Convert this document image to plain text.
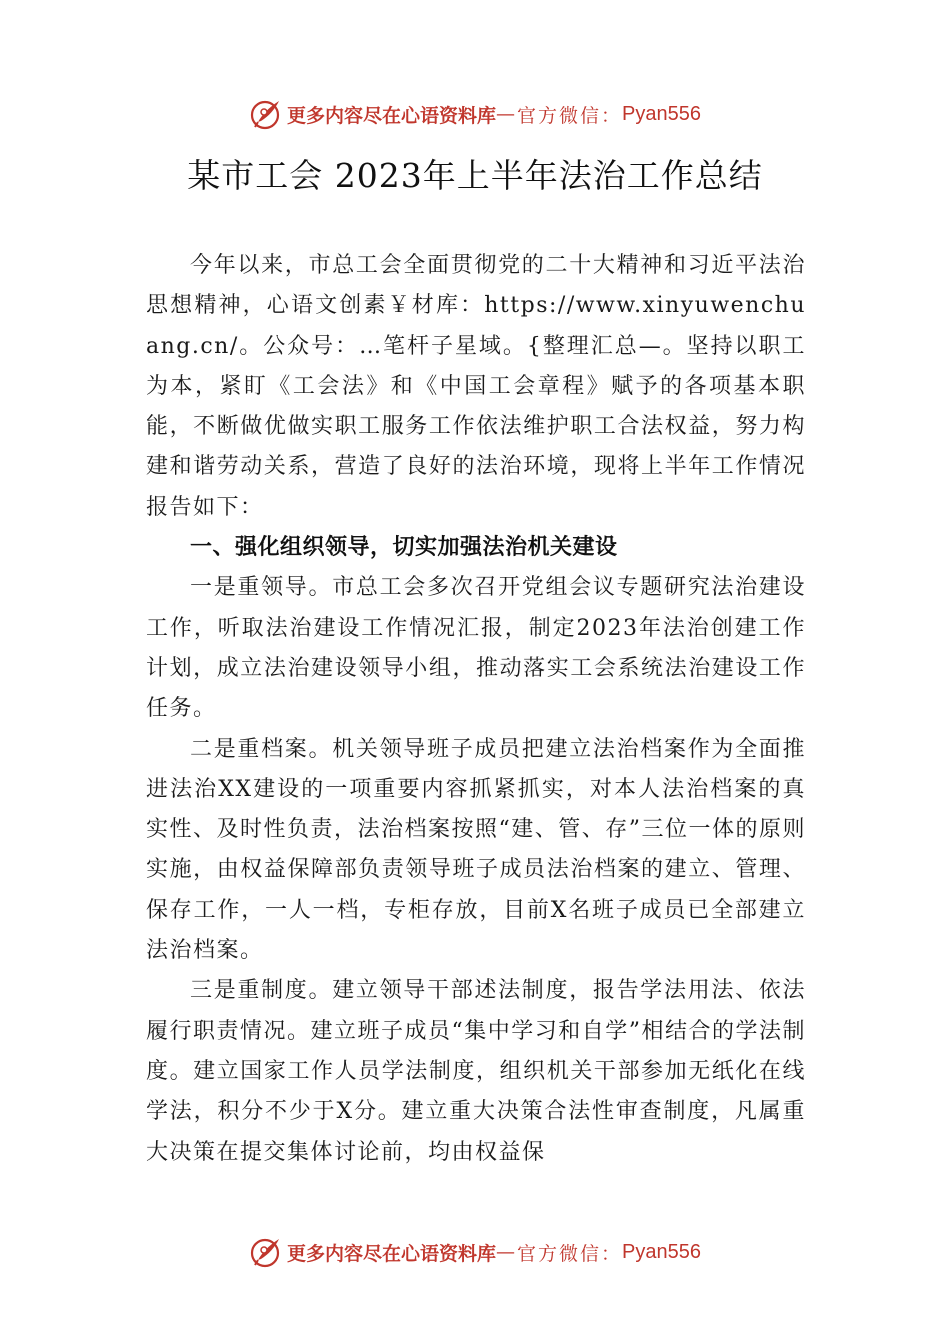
更多内容尽在心语资料库 — 官方微信： Pyan556
某市工会 2023年上半年法治工作总结

今年以来，市总工会全面贯彻党的二十大精神和习近平法治思想精神，心语文创素￥材库：https://www.xinyuwenchuang.cn/。公众号：…笔杆子星域。{整理汇总—。坚持以职工为本，紧盯《工会法》和《中国工会章程》赋予的各项基本职能，不断做优做实职工服务工作依法维护职工合法权益，努力构建和谐劳动关系，营造了良好的法治环境，现将上半年工作情况报告如下：

一、强化组织领导，切实加强法治机关建设

一是重领导。市总工会多次召开党组会议专题研究法治建设工作，听取法治建设工作情况汇报，制定2023年法治创建工作计划，成立法治建设领导小组，推动落实工会系统法治建设工作任务。

二是重档案。机关领导班子成员把建立法治档案作为全面推进法治XX建设的一项重要内容抓紧抓实，对本人法治档案的真实性、及时性负责，法治档案按照“建、管、存”三位一体的原则实施，由权益保障部负责领导班子成员法治档案的建立、管理、保存工作，一人一档，专柜存放，目前X名班子成员已全部建立法治档案。

三是重制度。建立领导干部述法制度，报告学法用法、依法履行职责情况。建立班子成员“集中学习和自学”相结合的学法制度。建立国家工作人员学法制度，组织机关干部参加无纸化在线学法，积分不少于X分。建立重大决策合法性审查制度，凡属重大决策在提交集体讨论前，均由权益保

更多内容尽在心语资料库 — 官方微信： Pyan556
